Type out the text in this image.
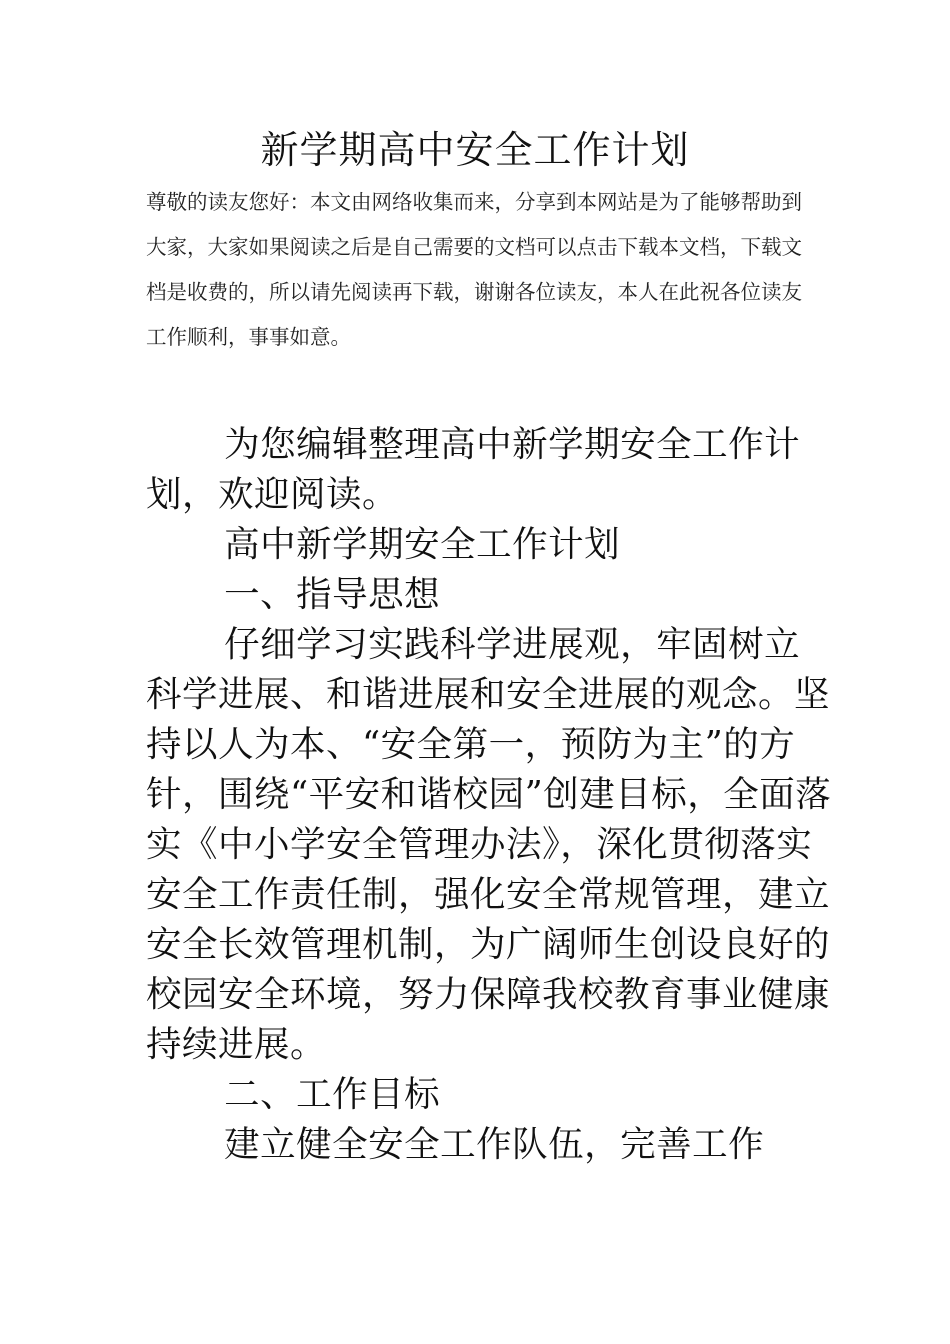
新学期高中安全工作计划

尊敬的读友您好：本文由网络收集而来，分享到本网站是为了能够帮助到大家，大家如果阅读之后是自己需要的文档可以点击下载本文档，下载文档是收费的，所以请先阅读再下载，谢谢各位读友，本人在此祝各位读友工作顺利，事事如意。

为您编辑整理高中新学期安全工作计划，欢迎阅读。

高中新学期安全工作计划

一、指导思想

仔细学习实践科学进展观，牢固树立科学进展、和谐进展和安全进展的观念。坚持以人为本、“安全第一，预防为主”的方针，围绕“平安和谐校园”创建目标，全面落实《中小学安全管理办法》，深化贯彻落实安全工作责任制，强化安全常规管理，建立安全长效管理机制，为广阔师生创设良好的校园安全环境，努力保障我校教育事业健康持续进展。

二、工作目标

建立健全安全工作队伍，完善工作
